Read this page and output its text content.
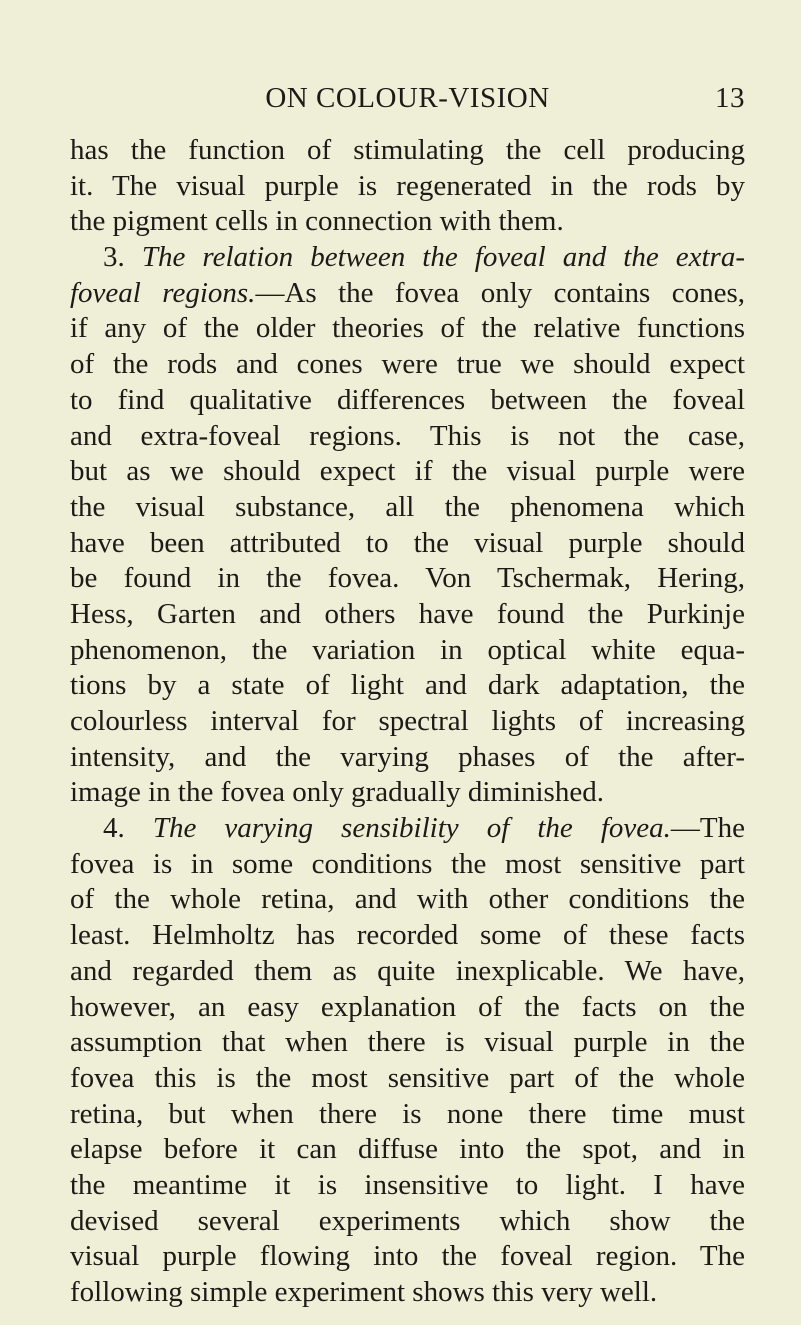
ON COLOUR-VISION	13
has the function of stimulating the cell producing
it. The visual purple is regenerated in the rods by
the pigment cells in connection with them.
3. The relation between the foveal and the extra-
foveal regions.—As the fovea only contains cones,
if any of the older theories of the relative functions
of the rods and cones were true we should expect
to find qualitative differences between the foveal
and extra-foveal regions. This is not the case,
but as we should expect if the visual purple were
the visual substance, all the phenomena which
have been attributed to the visual purple should
be found in the fovea. Von Tschermak, Hering,
Hess, Garten and others have found the Purkinje
phenomenon, the variation in optical white equa-
tions by a state of light and dark adaptation, the
colourless interval for spectral lights of increasing
intensity, and the varying phases of the after-
image in the fovea only gradually diminished.
4. The varying sensibility of the fovea.—The
fovea is in some conditions the most sensitive part
of the whole retina, and with other conditions the
least. Helmholtz has recorded some of these facts
and regarded them as quite inexplicable. We have,
however, an easy explanation of the facts on the
assumption that when there is visual purple in the
fovea this is the most sensitive part of the whole
retina, but when there is none there time must
elapse before it can diffuse into the spot, and in
the meantime it is insensitive to light. I have
devised several experiments which show the
visual purple flowing into the foveal region. The
following simple experiment shows this very well.
